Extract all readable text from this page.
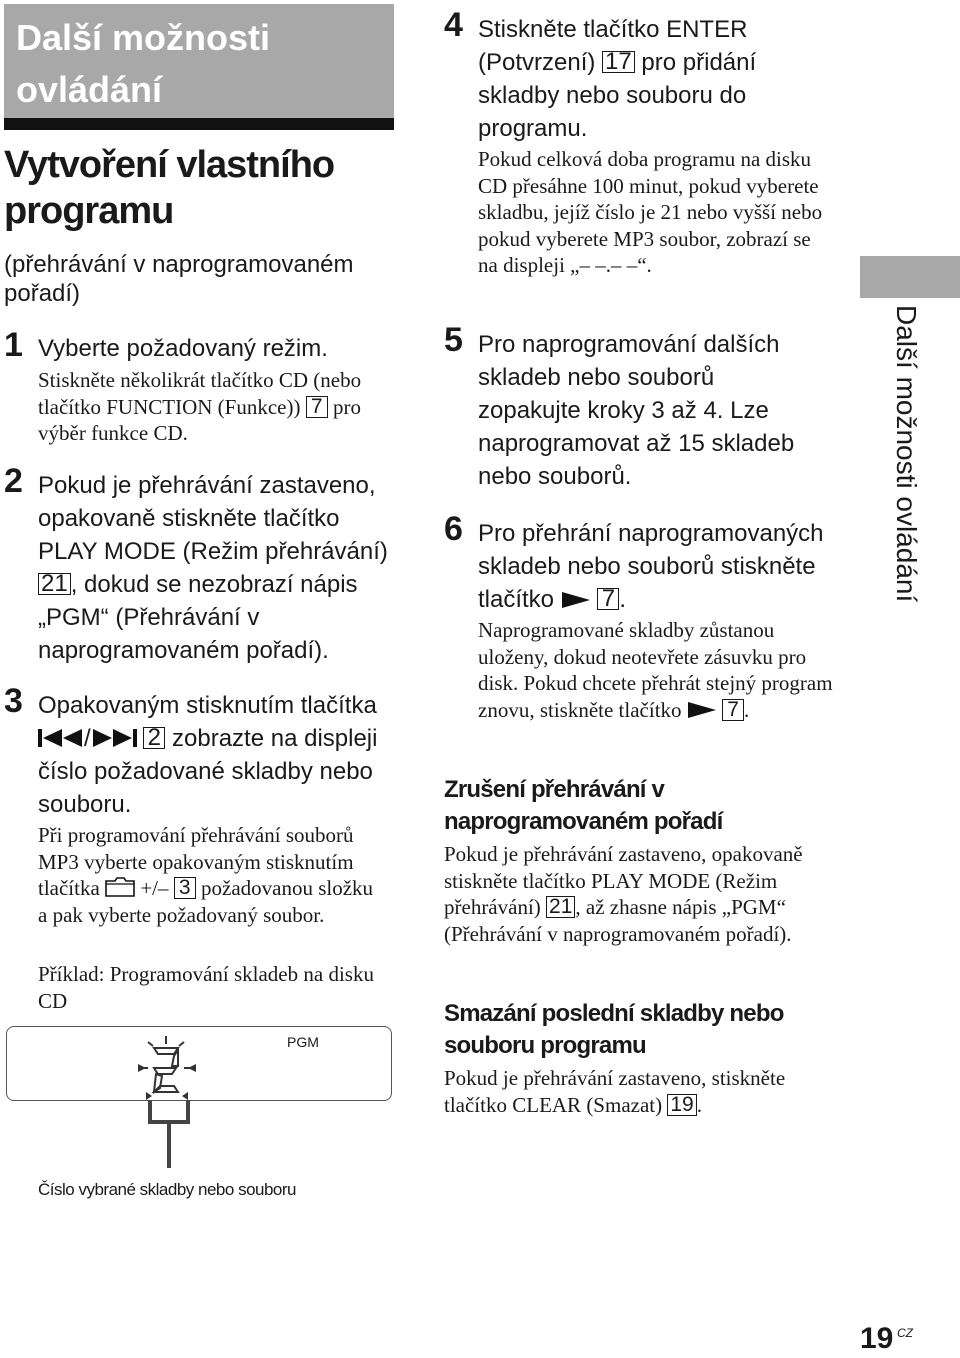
Další možnosti ovládání
Vytvoření vlastního programu
(přehrávání v naprogramovaném pořadí)
1 Vyberte požadovaný režim.
Stiskněte několikrát tlačítko CD (nebo tlačítko FUNCTION (Funkce)) 7 pro výběr funkce CD.
2 Pokud je přehrávání zastaveno, opakovaně stiskněte tlačítko PLAY MODE (Režim přehrávání) 21 , dokud se nezobrazí nápis „PGM“ (Přehrávání v naprogramovaném pořadí).
3 Opakovaným stisknutím tlačítka / 2 zobrazte na displeji číslo požadované skladby nebo souboru.
Při programování přehrávání souborů MP3 vyberte opakovaným stisknutím tlačítka +/– 3 požadovanou složku a pak vyberte požadovaný soubor.
Příklad: Programování skladeb na disku CD
PGM
Číslo vybrané skladby nebo souboru
4 Stiskněte tlačítko ENTER (Potvrzení) 17 pro přidání skladby nebo souboru do programu.
Pokud celková doba programu na disku CD přesáhne 100 minut, pokud vyberete skladbu, jejíž číslo je 21 nebo vyšší nebo pokud vyberete MP3 soubor, zobrazí se na displeji „– –.– –“.
5 Pro naprogramování dalších skladeb nebo souborů zopakujte kroky 3 až 4. Lze naprogramovat až 15 skladeb nebo souborů.
6 Pro přehrání naprogramovaných skladeb nebo souborů stiskněte tlačítko 7 .
Naprogramované skladby zůstanou uloženy, dokud neotevřete zásuvku pro disk. Pokud chcete přehrát stejný program znovu, stiskněte tlačítko 7 .
Zrušení přehrávání v naprogramovaném pořadí
Pokud je přehrávání zastaveno, opakovaně stiskněte tlačítko PLAY MODE (Režim přehrávání) 21 , až zhasne nápis „PGM“ (Přehrávání v naprogramovaném pořadí).
Smazání poslední skladby nebo souboru programu
Pokud je přehrávání zastaveno, stiskněte tlačítko CLEAR (Smazat) 19 .
Další možnosti ovládání
19 CZ
